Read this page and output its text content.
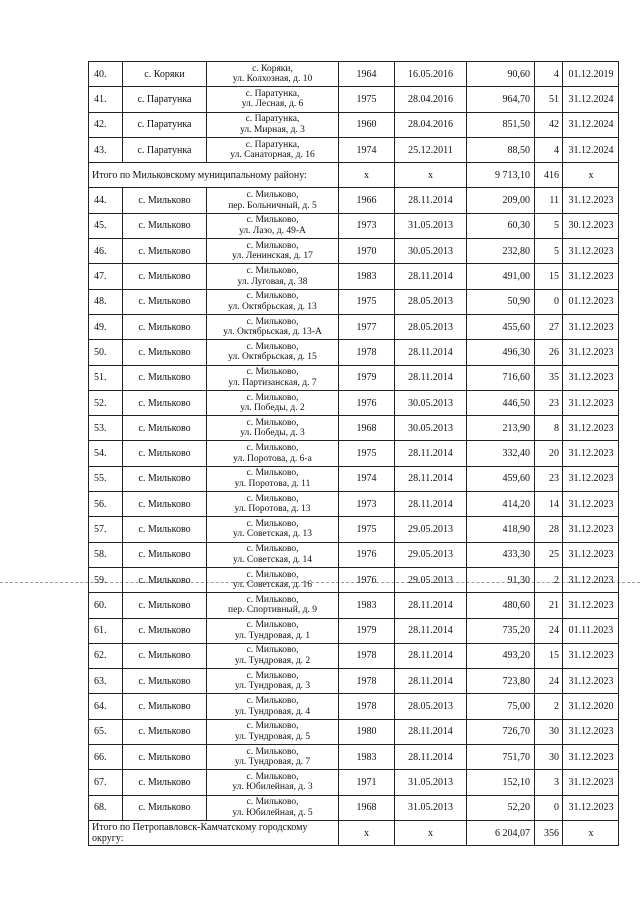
40.	с. Коряки	с. Коряки,
ул. Колхозная, д. 10	1964	16.05.2016	90,60	4	01.12.2019
41.	с. Паратунка	с. Паратунка,
ул. Лесная, д. 6	1975	28.04.2016	964,70	51	31.12.2024
42.	с. Паратунка	с. Паратунка,
ул. Мирная, д. 3	1960	28.04.2016	851,50	42	31.12.2024
43.	с. Паратунка	с. Паратунка,
ул. Санаторная, д. 16	1974	25.12.2011	88,50	4	31.12.2024
Итого по Мильковскому муниципальному району:			х	х	9 713,10	416	х
44.	с. Мильково	с. Мильково,
пер. Больничный, д. 5	1966	28.11.2014	209,00	11	31.12.2023
45.	с. Мильково	с. Мильково,
ул. Лазо, д. 49-А	1973	31.05.2013	60,30	5	30.12.2023
46.	с. Мильково	с. Мильково,
ул. Ленинская, д. 17	1970	30.05.2013	232,80	5	31.12.2023
47.	с. Мильково	с. Мильково,
ул. Луговая, д. 38	1983	28.11.2014	491,00	15	31.12.2023
48.	с. Мильково	с. Мильково,
ул. Октябрьская, д. 13	1975	28.05.2013	50,90	0	01.12.2023
49.	с. Мильково	с. Мильково,
ул. Октябрьская, д. 13-А	1977	28.05.2013	455,60	27	31.12.2023
50.	с. Мильково	с. Мильково,
ул. Октябрьская, д. 15	1978	28.11.2014	496,30	26	31.12.2023
51.	с. Мильково	с. Мильково,
ул. Партизанская, д. 7	1979	28.11.2014	716,60	35	31.12.2023
52.	с. Мильково	с. Мильково,
ул. Победы, д. 2	1976	30.05.2013	446,50	23	31.12.2023
53.	с. Мильково	с. Мильково,
ул. Победы, д. 3	1968	30.05.2013	213,90	8	31.12.2023
54.	с. Мильково	с. Мильково,
ул. Поротова, д. 6-а	1975	28.11.2014	332,40	20	31.12.2023
55.	с. Мильково	с. Мильково,
ул. Поротова, д. 11	1974	28.11.2014	459,60	23	31.12.2023
56.	с. Мильково	с. Мильково,
ул. Поротова, д. 13	1973	28.11.2014	414,20	14	31.12.2023
57.	с. Мильково	с. Мильково,
ул. Советская, д. 13	1975	29.05.2013	418,90	28	31.12.2023
58.	с. Мильково	с. Мильково,
ул. Советская, д. 14	1976	29.05.2013	433,30	25	31.12.2023
59.	с. Мильково	с. Мильково,
ул. Советская, д. 16	1976	29.05.2013	91,30	2	31.12.2023
60.	с. Мильково	с. Мильково,
пер. Спортивный, д. 9	1983	28.11.2014	480,60	21	31.12.2023
61.	с. Мильково	с. Мильково,
ул. Тундровая, д. 1	1979	28.11.2014	735,20	24	01.11.2023
62.	с. Мильково	с. Мильково,
ул. Тундровая, д. 2	1978	28.11.2014	493,20	15	31.12.2023
63.	с. Мильково	с. Мильково,
ул. Тундровая, д. 3	1978	28.11.2014	723,80	24	31.12.2023
64.	с. Мильково	с. Мильково,
ул. Тундровая, д. 4	1978	28.05.2013	75,00	2	31.12.2020
65.	с. Мильково	с. Мильково,
ул. Тундровая, д. 5	1980	28.11.2014	726,70	30	31.12.2023
66.	с. Мильково	с. Мильково,
ул. Тундровая, д. 7	1983	28.11.2014	751,70	30	31.12.2023
67.	с. Мильково	с. Мильково,
ул. Юбилейная, д. 3	1971	31.05.2013	152,10	3	31.12.2023
68.	с. Мильково	с. Мильково,
ул. Юбилейная, д. 5	1968	31.05.2013	52,20	0	31.12.2023
Итого по Петропавловск-Камчатскому городскому округу:			х	х	6 204,07	356	х
